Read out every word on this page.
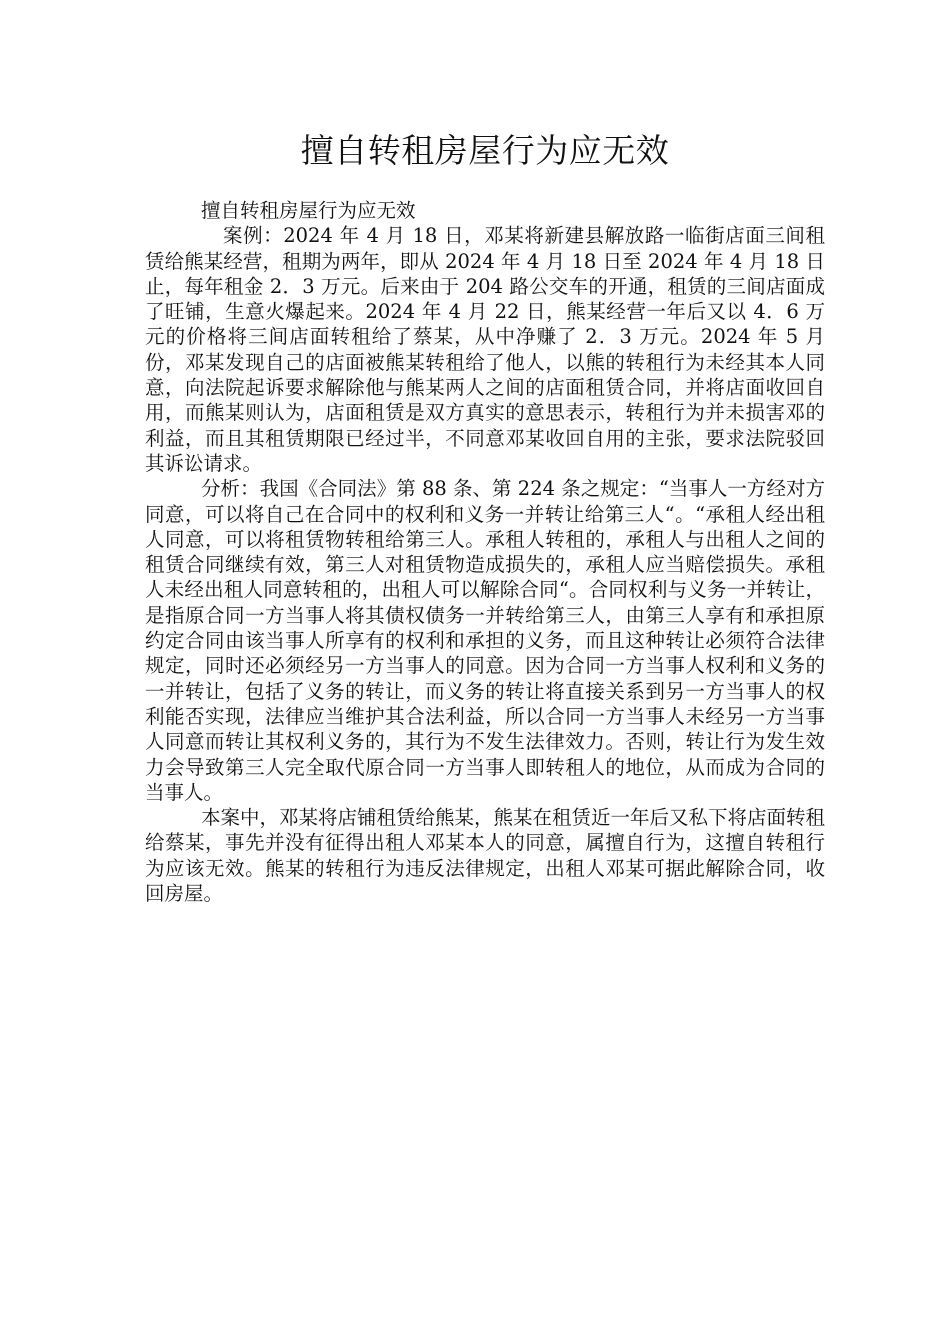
擅自转租房屋行为应无效

擅自转租房屋行为应无效

案例：2024 年 4 月 18 日，邓某将新建县解放路一临街店面三间租赁给熊某经营，租期为两年，即从 2024 年 4 月 18 日至 2024 年 4 月 18 日止，每年租金 2．3 万元。后来由于 204 路公交车的开通，租赁的三间店面成了旺铺，生意火爆起来。2024 年 4 月 22 日，熊某经营一年后又以 4．6 万元的价格将三间店面转租给了蔡某，从中净赚了 2．3 万元。2024 年 5 月份，邓某发现自己的店面被熊某转租给了他人，以熊的转租行为未经其本人同意，向法院起诉要求解除他与熊某两人之间的店面租赁合同，并将店面收回自用，而熊某则认为，店面租赁是双方真实的意思表示，转租行为并未损害邓的利益，而且其租赁期限已经过半，不同意邓某收回自用的主张，要求法院驳回其诉讼请求。

分析：我国《合同法》第 88 条、第 224 条之规定：“当事人一方经对方同意，可以将自己在合同中的权利和义务一并转让给第三人“。“承租人经出租人同意，可以将租赁物转租给第三人。承租人转租的，承租人与出租人之间的租赁合同继续有效，第三人对租赁物造成损失的，承租人应当赔偿损失。承租人未经出租人同意转租的，出租人可以解除合同“。合同权利与义务一并转让，是指原合同一方当事人将其债权债务一并转给第三人，由第三人享有和承担原约定合同由该当事人所享有的权利和承担的义务，而且这种转让必须符合法律规定，同时还必须经另一方当事人的同意。因为合同一方当事人权利和义务的一并转让，包括了义务的转让，而义务的转让将直接关系到另一方当事人的权利能否实现，法律应当维护其合法利益，所以合同一方当事人未经另一方当事人同意而转让其权利义务的，其行为不发生法律效力。否则，转让行为发生效力会导致第三人完全取代原合同一方当事人即转租人的地位，从而成为合同的当事人。

本案中，邓某将店铺租赁给熊某，熊某在租赁近一年后又私下将店面转租给蔡某，事先并没有征得出租人邓某本人的同意，属擅自行为，这擅自转租行为应该无效。熊某的转租行为违反法律规定，出租人邓某可据此解除合同，收回房屋。
